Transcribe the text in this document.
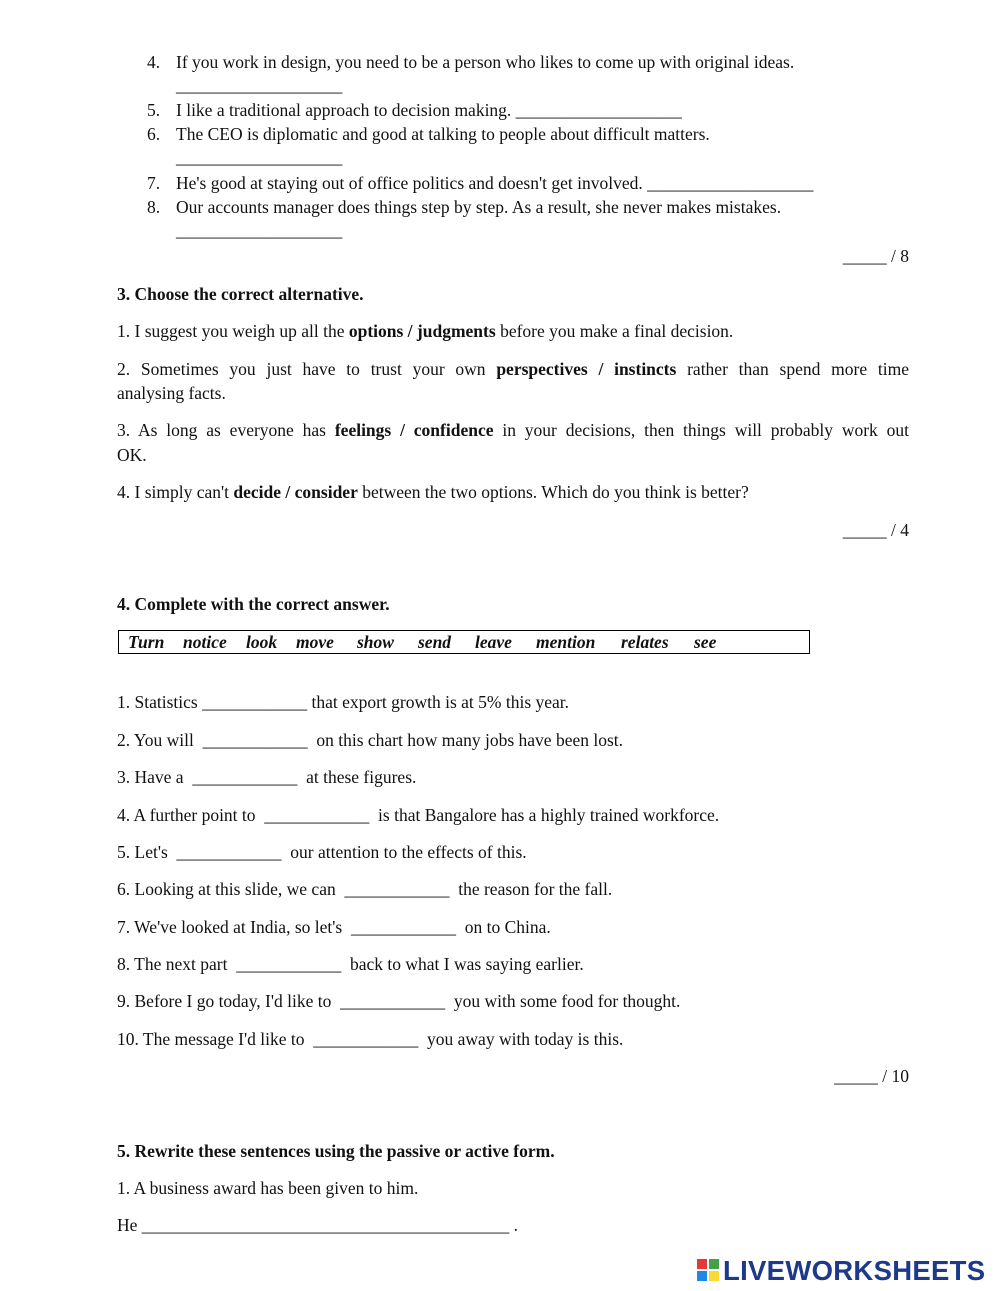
4. If you work in design, you need to be a person who likes to come up with original ideas.
___________________
5. I like a traditional approach to decision making. ___________________
6. The CEO is diplomatic and good at talking to people about difficult matters.
___________________
7. He's good at staying out of office politics and doesn't get involved. ___________________
8. Our accounts manager does things step by step. As a result, she never makes mistakes.
___________________
_____ / 8
3. Choose the correct alternative.
1. I suggest you weigh up all the options / judgments before you make a final decision.
2. Sometimes you just have to trust your own perspectives / instincts rather than spend more time
analysing facts.
3. As long as everyone has feelings / confidence in your decisions, then things will probably work out
OK.
4. I simply can't decide / consider between the two options. Which do you think is better?
_____ / 4
4. Complete with the correct answer.
Turn notice look move show send leave mention relates see
1. Statistics ____________ that export growth is at 5% this year.
2. You will  ____________  on this chart how many jobs have been lost.
3. Have a  ____________  at these figures.
4. A further point to  ____________  is that Bangalore has a highly trained workforce.
5. Let's  ____________  our attention to the effects of this.
6. Looking at this slide, we can  ____________  the reason for the fall.
7. We've looked at India, so let's  ____________  on to China.
8. The next part  ____________  back to what I was saying earlier.
9. Before I go today, I'd like to  ____________  you with some food for thought.
10. The message I'd like to  ____________  you away with today is this.
_____ / 10
5. Rewrite these sentences using the passive or active form.
1. A business award has been given to him.
He __________________________________________ .
LIVEWORKSHEETS
